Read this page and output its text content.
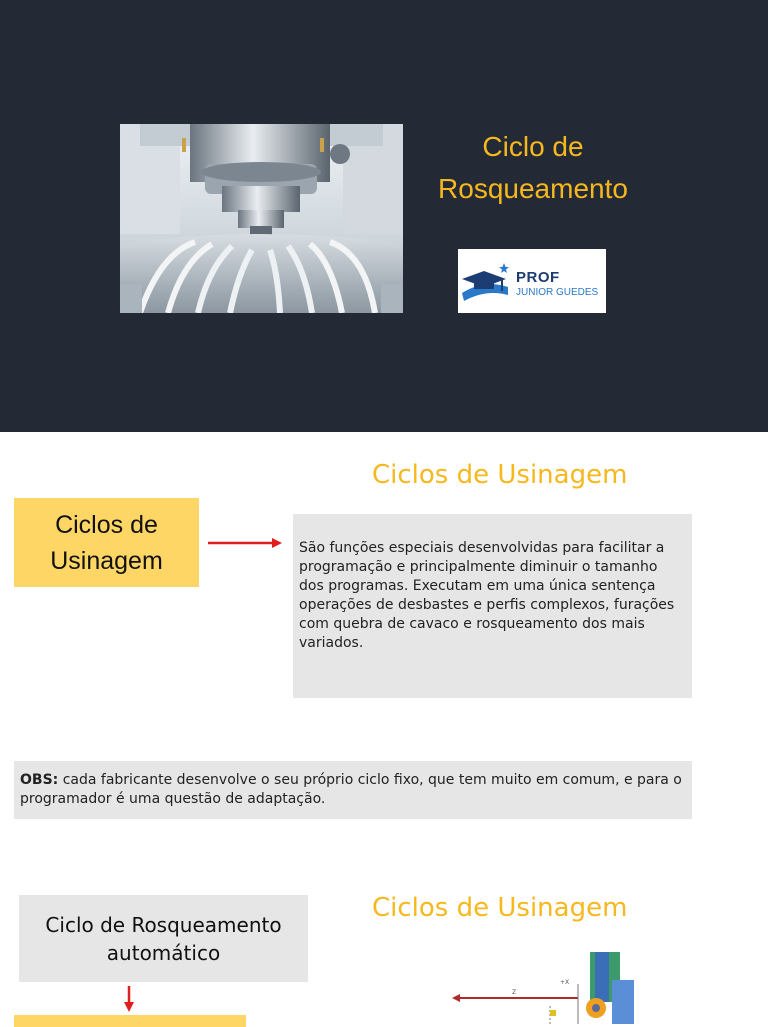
Ciclo de Rosqueamento
PROF
JUNIOR GUEDES
Ciclos de Usinagem
Ciclos de Usinagem	São funções especiais desenvolvidas para facilitar a programação e principalmente diminuir o tamanho dos programas. Executam em uma única sentença operações de desbastes e perfis complexos, furações com quebra de cavaco e rosqueamento dos mais variados.
OBS: cada fabricante desenvolve o seu próprio ciclo fixo, que tem muito em comum, e para o programador é uma questão de adaptação.
Ciclo de Rosqueamento automático
Ciclos de Usinagem
Z
+X
